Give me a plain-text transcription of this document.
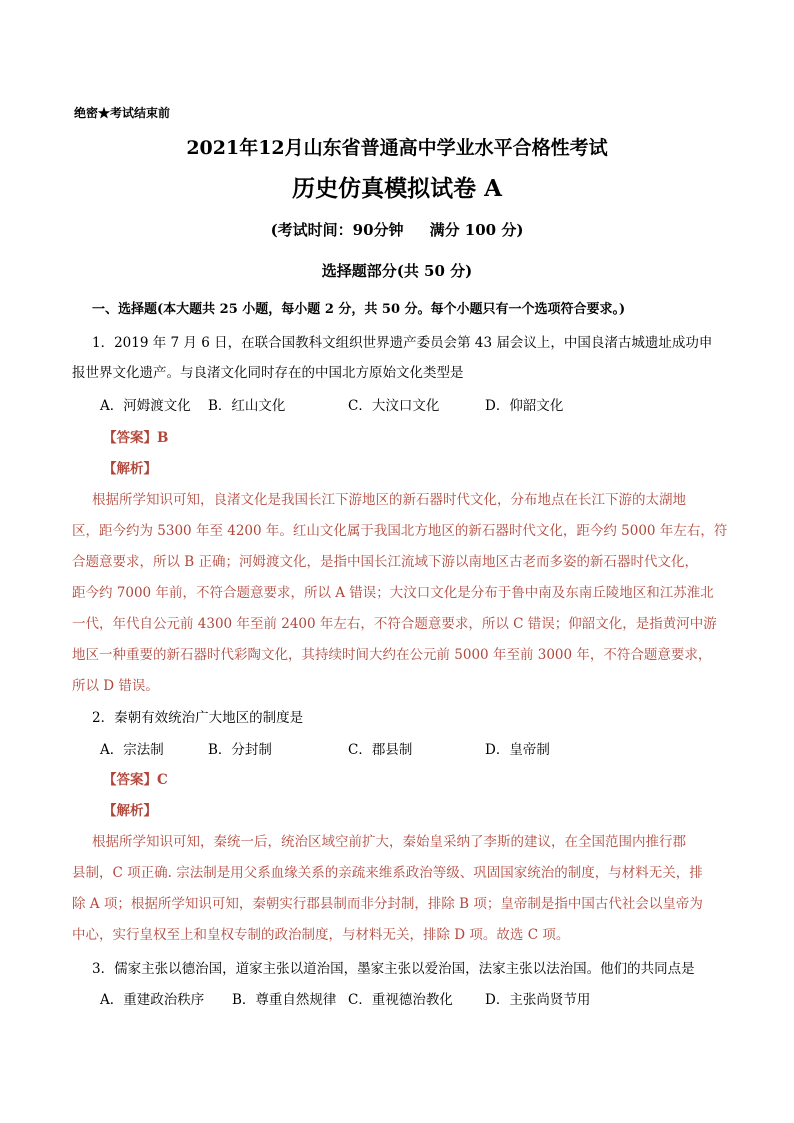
绝密★考试结束前
2021年12月山东省普通高中学业水平合格性考试
历史仿真模拟试卷 A
(考试时间：90分钟 满分 100 分)
选择题部分(共 50 分)
一、选择题(本大题共 25 小题，每小题 2 分，共 50 分。每个小题只有一个选项符合要求。)
1．2019 年 7 月 6 日，在联合国教科文组织世界遗产委员会第 43 届会议上，中国良渚古城遗址成功申
报世界文化遗产。与良渚文化同时存在的中国北方原始文化类型是
A．河姆渡文化 B．红山文化	C．大汶口文化	D．仰韶文化
【答案】B
【解析】
根据所学知识可知，良渚文化是我国长江下游地区的新石器时代文化，分布地点在长江下游的太湖地
区，距今约为 5300 年至 4200 年。红山文化属于我国北方地区的新石器时代文化，距今约 5000 年左右，符
合题意要求，所以 B 正确；河姆渡文化，是指中国长江流域下游以南地区古老而多姿的新石器时代文化，
距今约 7000 年前，不符合题意要求，所以 A 错误；大汶口文化是分布于鲁中南及东南丘陵地区和江苏淮北
一代，年代自公元前 4300 年至前 2400 年左右，不符合题意要求，所以 C 错误；仰韶文化，是指黄河中游
地区一种重要的新石器时代彩陶文化，其持续时间大约在公元前 5000 年至前 3000 年，不符合题意要求，
所以 D 错误。
2．秦朝有效统治广大地区的制度是
A．宗法制	B．分封制	C．郡县制	D．皇帝制
【答案】C
【解析】
根据所学知识可知，秦统一后，统治区域空前扩大，秦始皇采纳了李斯的建议，在全国范围内推行郡
县制，C 项正确. 宗法制是用父系血缘关系的亲疏来维系政治等级、巩固国家统治的制度，与材料无关，排
除 A 项；根据所学知识可知，秦朝实行郡县制而非分封制，排除 B 项；皇帝制是指中国古代社会以皇帝为
中心，实行皇权至上和皇权专制的政治制度，与材料无关，排除 D 项。故选 C 项。
3．儒家主张以德治国，道家主张以道治国，墨家主张以爱治国，法家主张以法治国。他们的共同点是
A．重建政治秩序 B．尊重自然规律 C．重视德治教化 D．主张尚贤节用
